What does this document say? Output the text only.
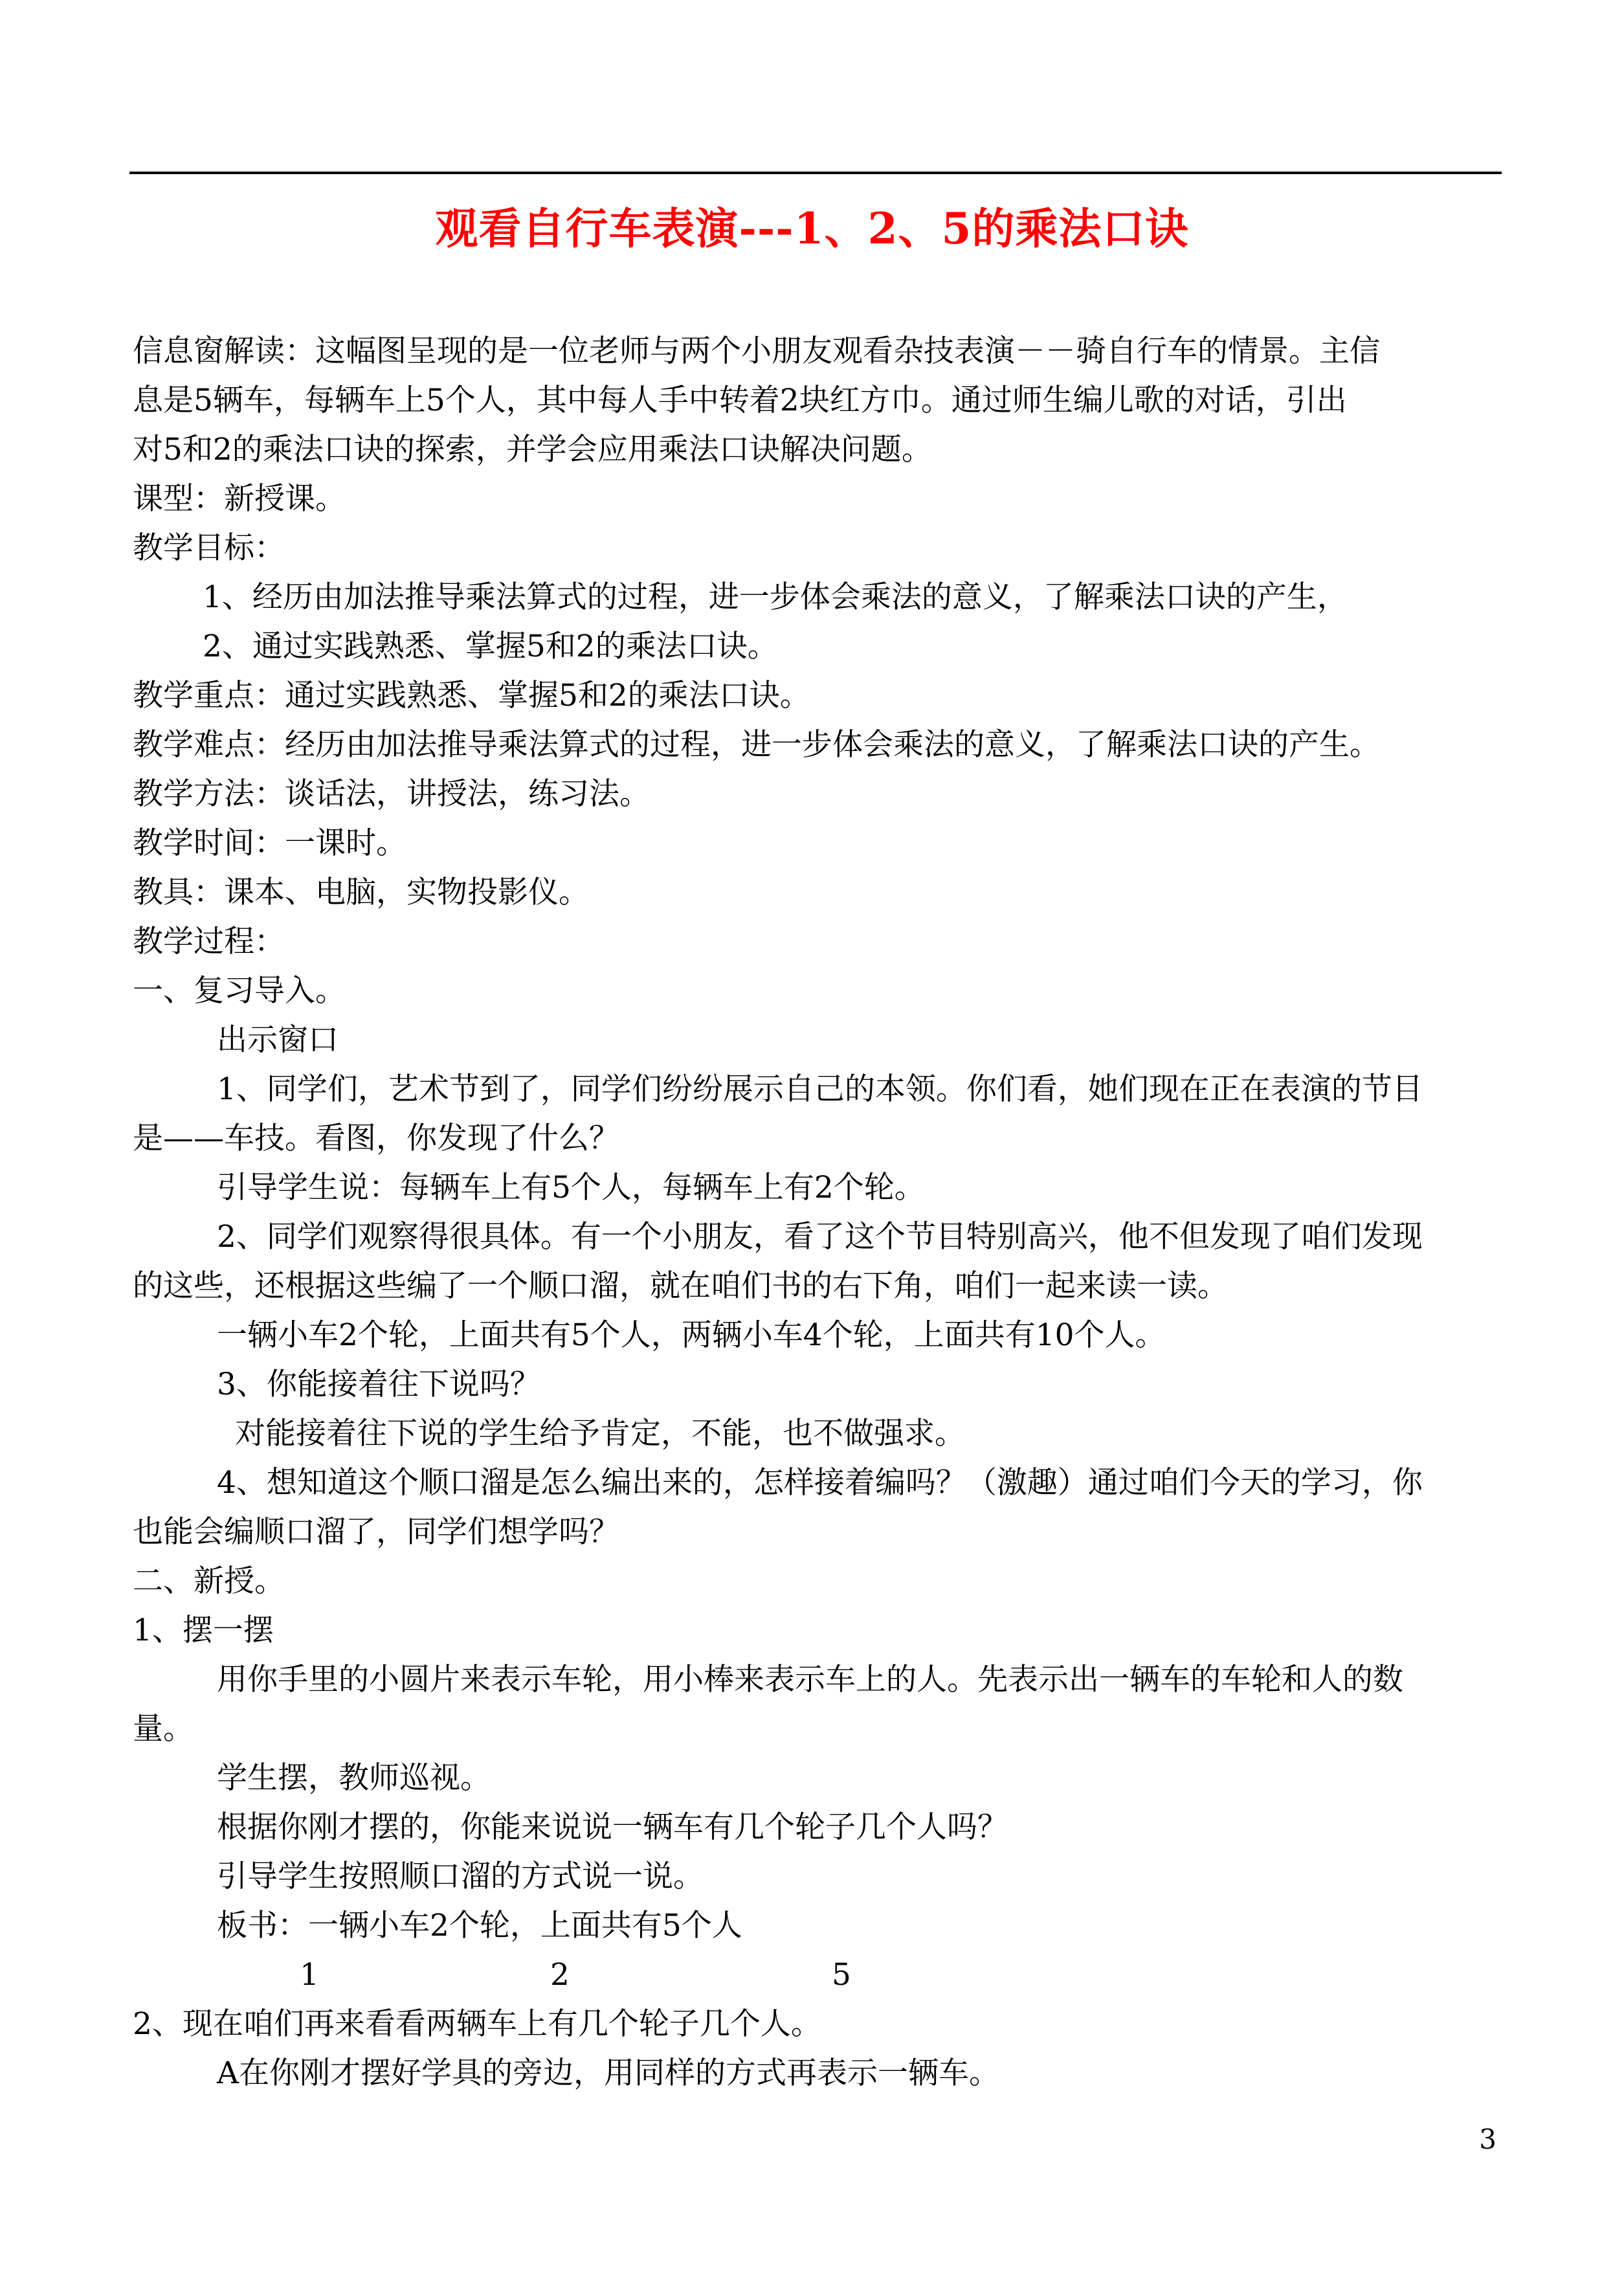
观看自行车表演---1、2、5的乘法口诀
信息窗解读：这幅图呈现的是一位老师与两个小朋友观看杂技表演－－骑自行车的情景。主信
息是5辆车，每辆车上5个人，其中每人手中转着2块红方巾。通过师生编儿歌的对话，引出
对5和2的乘法口诀的探索，并学会应用乘法口诀解决问题。
课型：新授课。
教学目标：
1、经历由加法推导乘法算式的过程，进一步体会乘法的意义，了解乘法口诀的产生，
2、通过实践熟悉、掌握5和2的乘法口诀。
教学重点：通过实践熟悉、掌握5和2的乘法口诀。
教学难点：经历由加法推导乘法算式的过程，进一步体会乘法的意义，了解乘法口诀的产生。
教学方法：谈话法，讲授法，练习法。
教学时间：一课时。
教具：课本、电脑，实物投影仪。
教学过程：
一、复习导入。
出示窗口
1、同学们，艺术节到了，同学们纷纷展示自己的本领。你们看，她们现在正在表演的节目
是——车技。看图，你发现了什么？
引导学生说：每辆车上有5个人，每辆车上有2个轮。
2、同学们观察得很具体。有一个小朋友，看了这个节目特别高兴，他不但发现了咱们发现
的这些，还根据这些编了一个顺口溜，就在咱们书的右下角，咱们一起来读一读。
一辆小车2个轮，上面共有5个人，两辆小车4个轮，上面共有10个人。
3、你能接着往下说吗？
对能接着往下说的学生给予肯定，不能，也不做强求。
4、想知道这个顺口溜是怎么编出来的，怎样接着编吗？（激趣）通过咱们今天的学习，你
也能会编顺口溜了，同学们想学吗？
二、新授。
1、摆一摆
用你手里的小圆片来表示车轮，用小棒来表示车上的人。先表示出一辆车的车轮和人的数
量。
学生摆，教师巡视。
根据你刚才摆的，你能来说说一辆车有几个轮子几个人吗？
引导学生按照顺口溜的方式说一说。
板书：一辆小车2个轮，上面共有5个人
1	2	5
2、现在咱们再来看看两辆车上有几个轮子几个人。
A在你刚才摆好学具的旁边，用同样的方式再表示一辆车。
3
